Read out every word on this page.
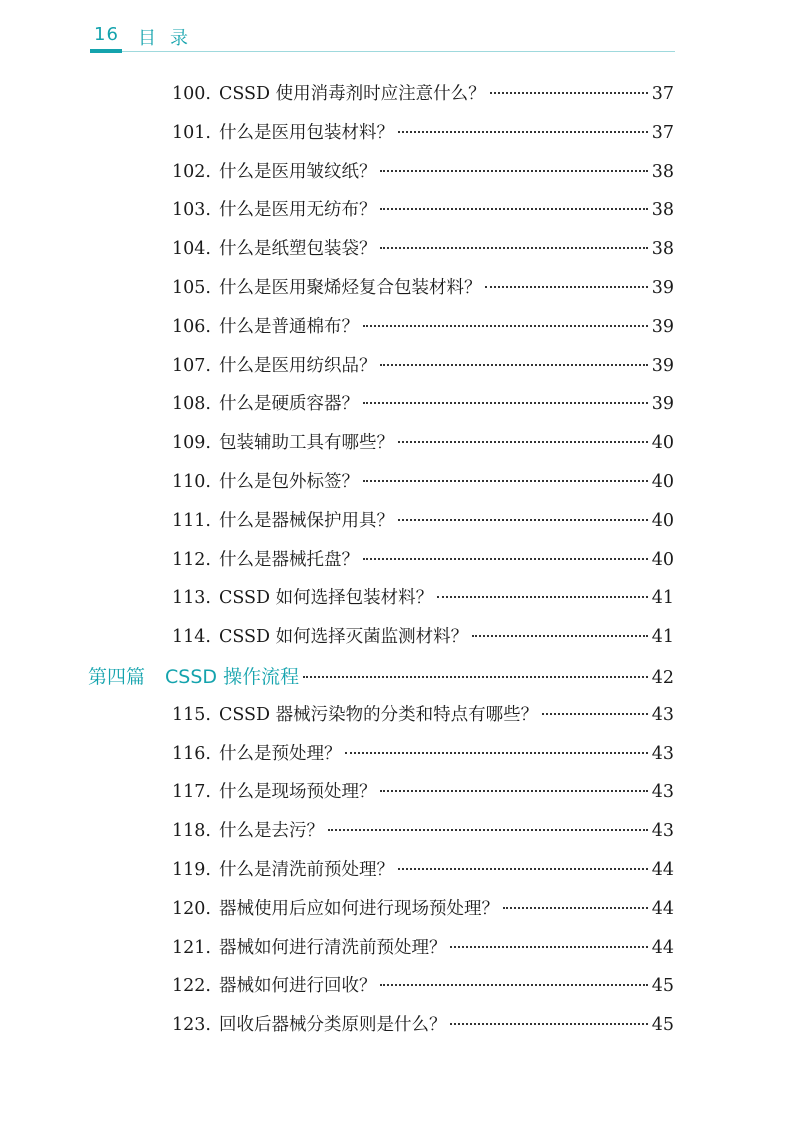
16 目录
100. CSSD 使用消毒剂时应注意什么？	37
101. 什么是医用包装材料？	37
102. 什么是医用皱纹纸？	38
103. 什么是医用无纺布？	38
104. 什么是纸塑包装袋？	38
105. 什么是医用聚烯烃复合包装材料？	39
106. 什么是普通棉布？	39
107. 什么是医用纺织品？	39
108. 什么是硬质容器？	39
109. 包装辅助工具有哪些？	40
110. 什么是包外标签？	40
111. 什么是器械保护用具？	40
112. 什么是器械托盘？	40
113. CSSD 如何选择包装材料？	41
114. CSSD 如何选择灭菌监测材料？	41
第四篇 CSSD 操作流程	42
115. CSSD 器械污染物的分类和特点有哪些？	43
116. 什么是预处理？	43
117. 什么是现场预处理？	43
118. 什么是去污？	43
119. 什么是清洗前预处理？	44
120. 器械使用后应如何进行现场预处理？	44
121. 器械如何进行清洗前预处理？	44
122. 器械如何进行回收？	45
123. 回收后器械分类原则是什么？	45
